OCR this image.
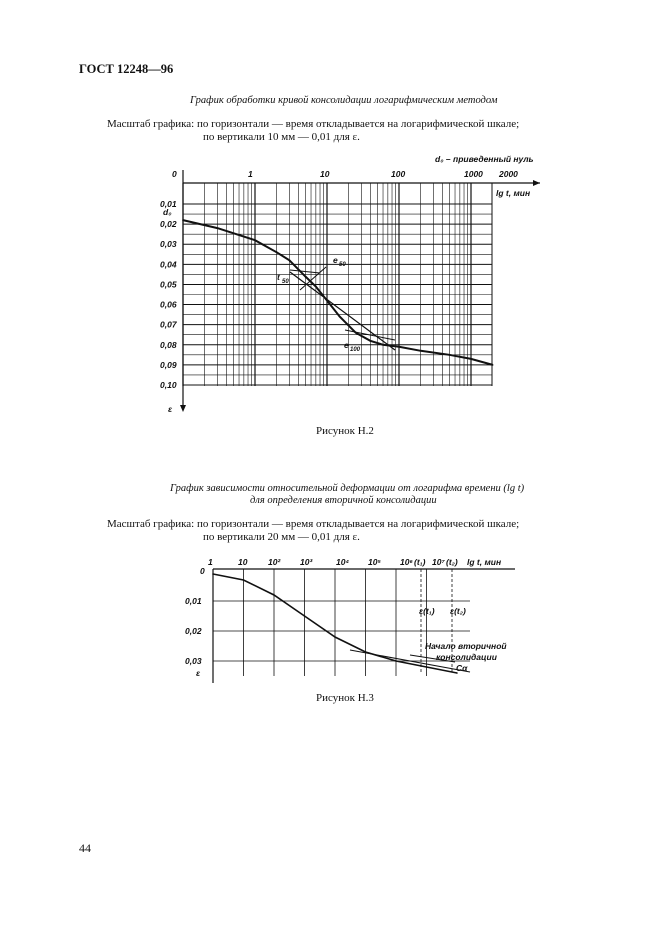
ГОСТ 12248—96
График обработки кривой консолидации логарифмическим методом
Масштаб графика: по горизонтали — время откладывается на логарифмической шкале;
по вертикали 10 мм — 0,01 для ε.
0,01
0,02
0,03
0,04
0,05
0,06
0,07
0,08
0,09
0,10
0	1	10	100	1000 2000
d₀ – приведенный нуль
lg t, мин
ε
d₀
t 50
e 50
e 100
0
0,01
0,02
0,03
1	10 10² 10³	10⁴ 10⁵ 10⁶ 10⁷	lg t, мин
ε
(t₁) (t₂)
ε(t₁) ε(t₂)
Начало вторичной
консолидации
Cα
Рисунок Н.2
График зависимости относительной деформации от логарифма времени (lg t)
для определения вторичной консолидации
Масштаб графика: по горизонтали — время откладывается на логарифмической шкале;
по вертикали 20 мм — 0,01 для ε.
Рисунок Н.3
44
